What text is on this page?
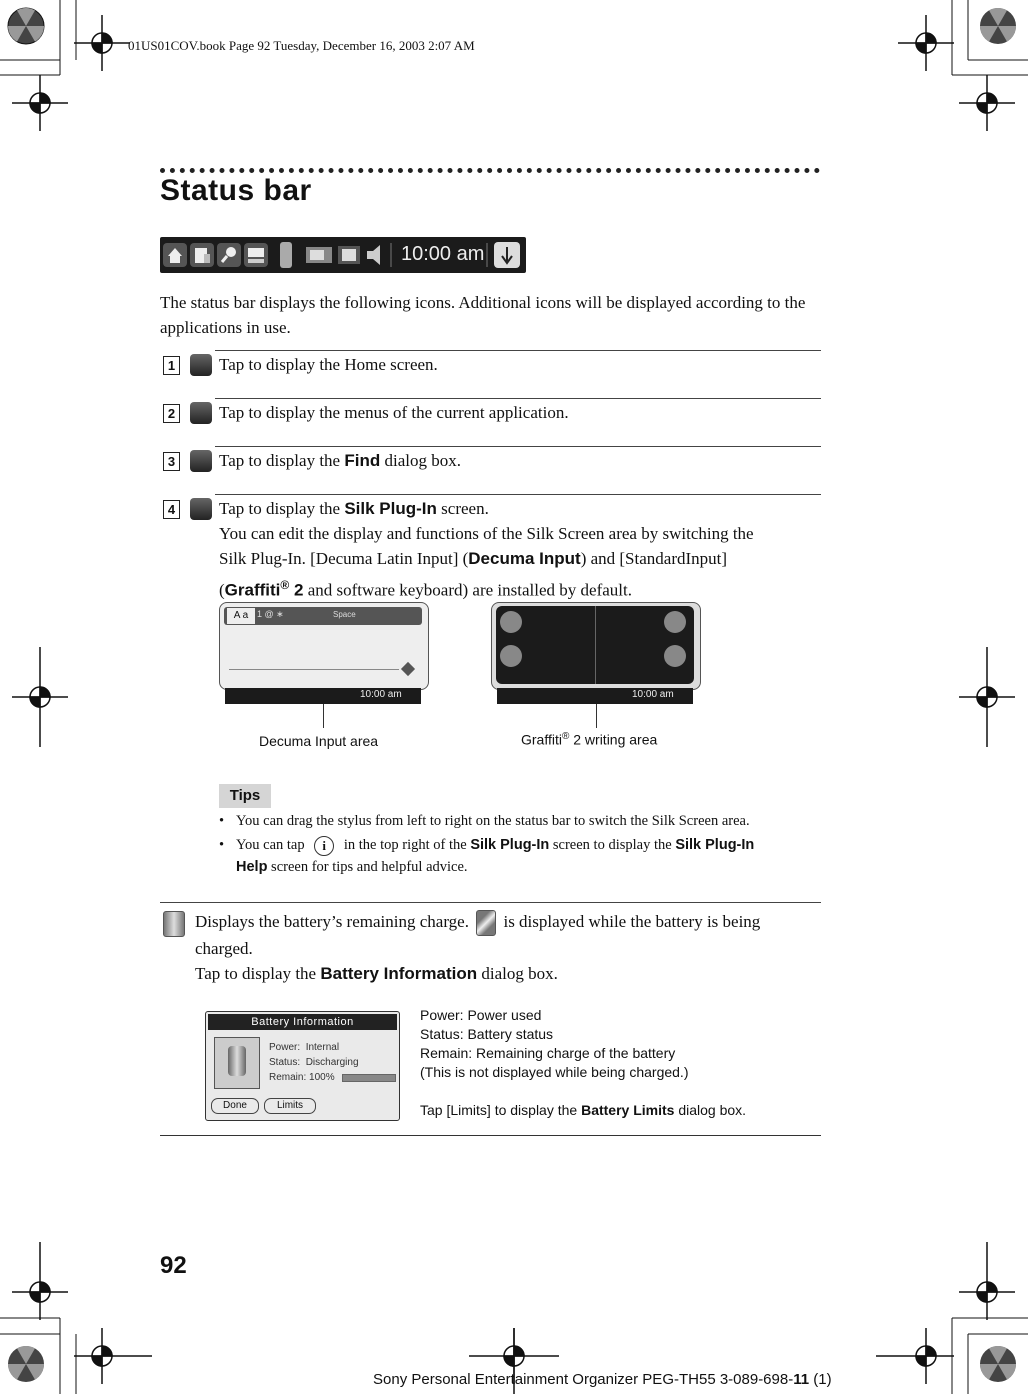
01US01COV.book Page 92 Tuesday, December 16, 2003 2:07 AM
Status bar
10:00 am
The status bar displays the following icons. Additional icons will be displayed according to the applications in use.
1	Tap to display the Home screen.
2	Tap to display the menus of the current application.
3	Tap to display the Find dialog box.
4	Tap to display the Silk Plug-In screen.
You can edit the display and functions of the Silk Screen area by switching the
Silk Plug-In. [Decuma Latin Input] (Decuma Input) and [StandardInput]
(Graffiti® 2 and software keyboard) are installed by default.
A a 1 @ ∗	Space
10:00 am	10:00 am
Decuma Input area	Graffiti® 2 writing area
Tips
• You can drag the stylus from left to right on the status bar to switch the Silk Screen area.
• You can tap i in the top right of the Silk Plug-In screen to display the Silk Plug-In
Help screen for tips and helpful advice.
Displays the battery’s remaining charge. is displayed while the battery is being
charged.
Tap to display the Battery Information dialog box.
Battery Information
Power: Internal
Status: Discharging
Remain: 100%
Done	Limits
Power: Power used
Status: Battery status
Remain: Remaining charge of the battery
(This is not displayed while being charged.)
Tap [Limits] to display the Battery Limits dialog box.
92
Sony Personal Entertainment Organizer PEG-TH55 3-089-698-11 (1)
